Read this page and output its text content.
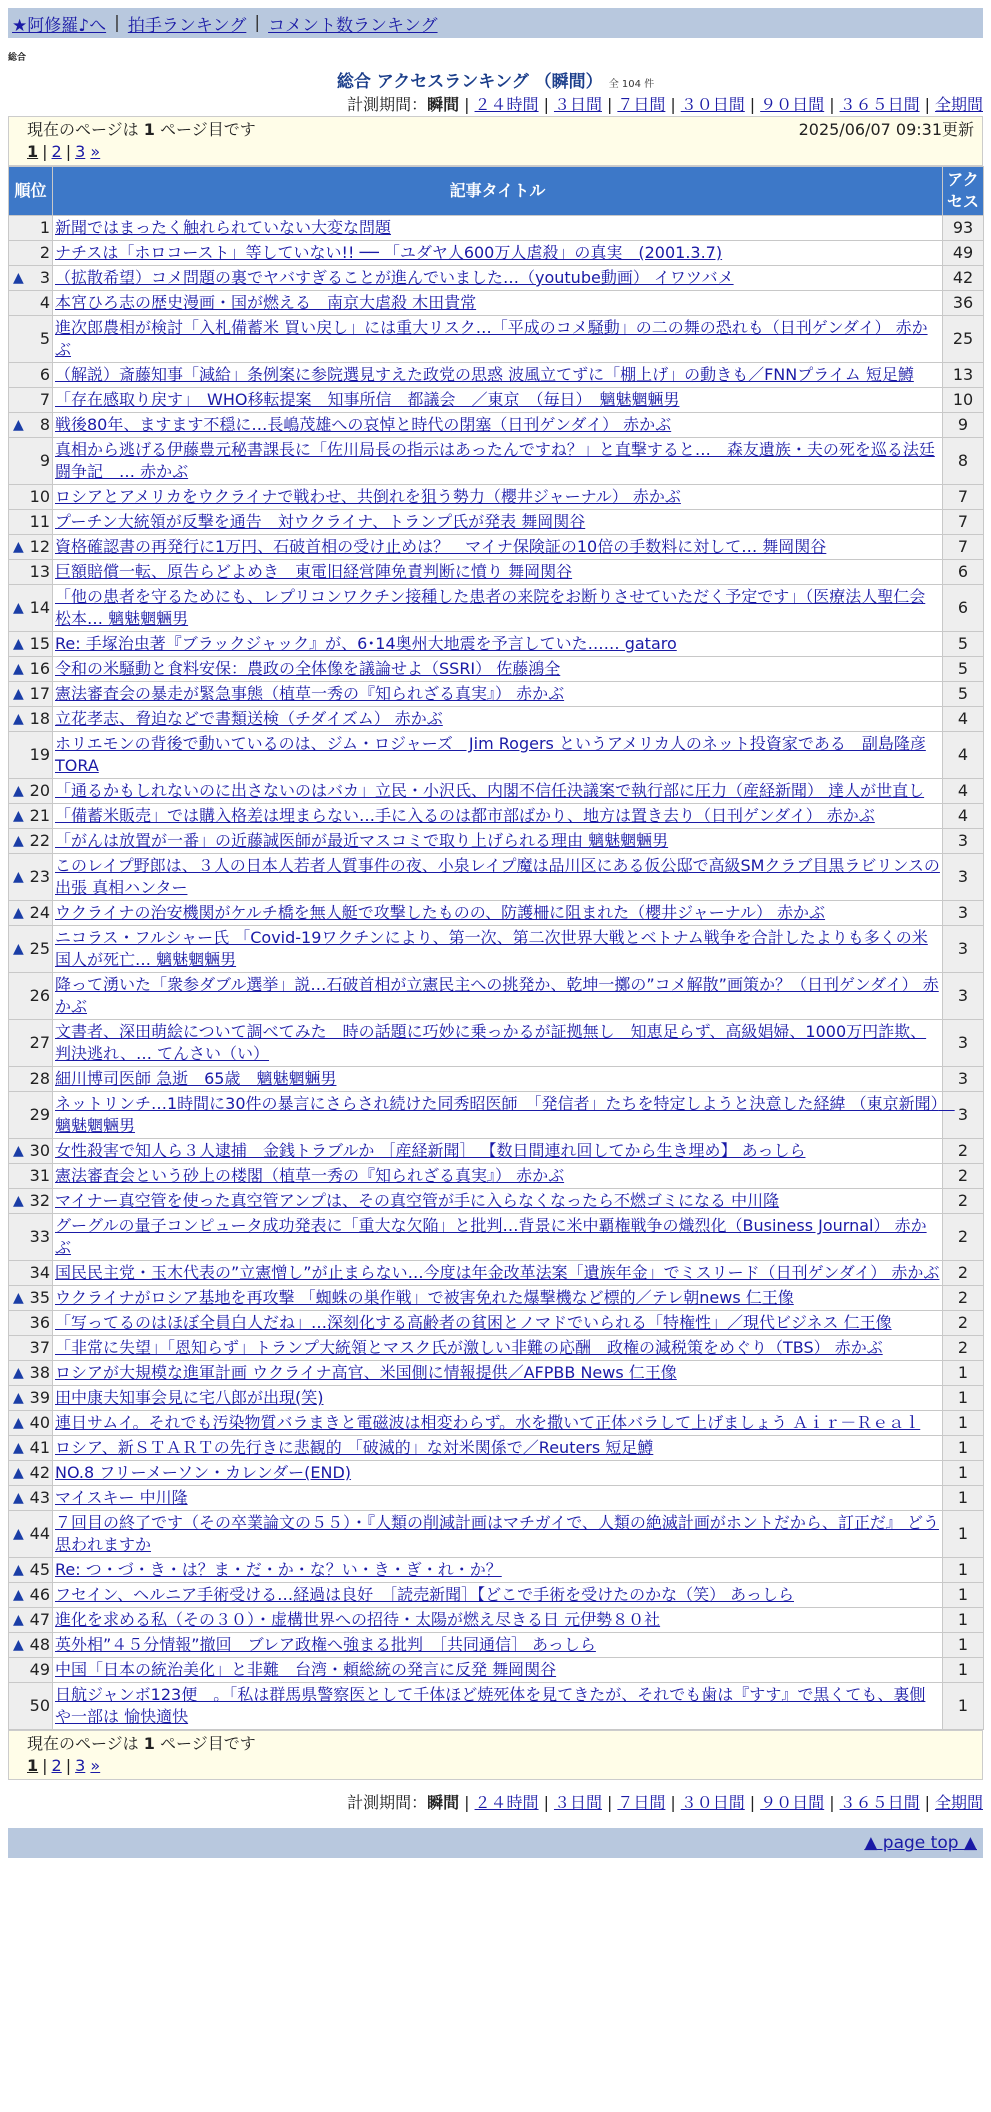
★阿修羅♪へ | 拍手ランキング | コメント数ランキング
総合
総合 アクセスランキング （瞬間） 全 104 件
計測期間：瞬間 | ２４時間 | ３日間 | ７日間 | ３０日間 | ９０日間 | ３６５日間 | 全期間
現在のページは 1 ページ目です	2025/06/07 09:31更新
1 | 2 | 3 »
順位	記事タイトル	アクセス
1	新聞ではまったく触れられていない大変な問題	93
2	ナチスは「ホロコースト」等していない!! ── 「ユダヤ人600万人虐殺」の真実　(2001.3.7)	49

▲ 3	（拡散希望）コメ問題の裏でヤバすぎることが進んでいました…（youtube動画） イワツバメ	42
4	本宮ひろ志の歴史漫画・国が燃える　南京大虐殺 木田貴常	36
5	進次郎農相が検討「入札備蓄米 買い戻し」には重大リスク…「平成のコメ騒動」の二の舞の恐れも（日刊ゲンダイ） 赤かぶ	25
6	（解説）斎藤知事「減給」条例案に参院選見すえた政党の思惑 波風立てずに「棚上げ」の動きも／FNNプライム 短足鱒	13
7	「存在感取り戻す」　WHO移転提案　知事所信　都議会　／東京　（毎日）　魑魅魍魎男	10

▲ 8	戦後80年、ますます不穏に…長嶋茂雄への哀悼と時代の閉塞（日刊ゲンダイ） 赤かぶ	9
9	真相から逃げる伊藤豊元秘書課長に「佐川局長の指示はあったんですね？」と直撃すると…　森友遺族・夫の死を巡る法廷闘争記　… 赤かぶ	8
10	ロシアとアメリカをウクライナで戦わせ、共倒れを狙う勢力（櫻井ジャーナル） 赤かぶ	7
11	プーチン大統領が反撃を通告　対ウクライナ、トランプ氏が発表 舞岡関谷	7

▲ 12	資格確認書の再発行に1万円、石破首相の受け止めは？　マイナ保険証の10倍の手数料に対して… 舞岡関谷	7
13	巨額賠償一転、原告らどよめき　東電旧経営陣免責判断に憤り 舞岡関谷	6

▲ 14	「他の患者を守るためにも、レプリコンワクチン接種した患者の来院をお断りさせていただく予定です」（医療法人聖仁会 松本… 魑魅魍魎男	6

▲ 15	Re: 手塚治虫著『ブラックジャック』が、6･14奥州大地震を予言していた…… gataro	5

▲ 16	令和の米騒動と食料安保：農政の全体像を議論せよ（SSRI） 佐藤鴻全	5

▲ 17	憲法審査会の暴走が緊急事態（植草一秀の『知られざる真実』） 赤かぶ	5

▲ 18	立花孝志、脅迫などで書類送検（チダイズム） 赤かぶ	4
19	ホリエモンの背後で動いているのは、ジム・ロジャーズ　Jim Rogers というアメリカ人のネット投資家である　副島隆彦 TORA	4

▲ 20	「通るかもしれないのに出さないのはバカ」立民・小沢氏、内閣不信任決議案で執行部に圧力（産経新聞） 達人が世直し	4

▲ 21	「備蓄米販売」では購入格差は埋まらない…手に入るのは都市部ばかり、地方は置き去り（日刊ゲンダイ） 赤かぶ	4

▲ 22	「がんは放置が一番」の近藤誠医師が最近マスコミで取り上げられる理由 魑魅魍魎男	3

▲ 23	このレイプ野郎は、３人の日本人若者人質事件の夜、小泉レイプ魔は品川区にある仮公邸で高級SMクラブ目黒ラビリンスの出張 真相ハンター	3

▲ 24	ウクライナの治安機関がケルチ橋を無人艇で攻撃したものの、防護柵に阻まれた（櫻井ジャーナル） 赤かぶ	3

▲ 25	ニコラス・フルシャー氏 「Covid-19ワクチンにより、第一次、第二次世界大戦とベトナム戦争を合計したよりも多くの米国人が死亡… 魑魅魍魎男	3
26	降って湧いた「衆参ダブル選挙」説…石破首相が立憲民主への挑発か、乾坤一擲の”コメ解散”画策か？（日刊ゲンダイ） 赤かぶ	3
27	文書者、深田萌絵について調べてみた　時の話題に巧妙に乗っかるが証拠無し　知恵足らず、高級娼婦、1000万円詐欺、判決逃れ、… てんさい（い）	3
28	細川博司医師 急逝　65歳　魑魅魍魎男	3
29	ネットリンチ…1時間に30件の暴言にさらされ続けた同秀昭医師　「発信者」たちを特定しようと決意した経緯 （東京新聞）　魑魅魍魎男	3

▲ 30	女性殺害で知人ら３人逮捕　金銭トラブルか ［産経新聞］ 【数日間連れ回してから生き埋め】 あっしら	2
31	憲法審査会という砂上の楼閣（植草一秀の『知られざる真実』） 赤かぶ	2

▲ 32	マイナー真空管を使った真空管アンプは、その真空管が手に入らなくなったら不燃ゴミになる 中川隆	2
33	グーグルの量子コンピュータ成功発表に「重大な欠陥」と批判…背景に米中覇権戦争の熾烈化（Business Journal） 赤かぶ	2
34	国民民主党・玉木代表の”立憲憎し”が止まらない…今度は年金改革法案「遺族年金」でミスリード（日刊ゲンダイ） 赤かぶ	2

▲ 35	ウクライナがロシア基地を再攻撃 「蜘蛛の巣作戦」で被害免れた爆撃機など標的／テレ朝news 仁王像	2
36	「写ってるのはほぼ全員白人だね」…深刻化する高齢者の貧困とノマドでいられる「特権性」／現代ビジネス 仁王像	2
37	「非常に失望」「恩知らず」トランプ大統領とマスク氏が激しい非難の応酬　政権の減税策をめぐり（TBS） 赤かぶ	2

▲ 38	ロシアが大規模な進軍計画 ウクライナ高官、米国側に情報提供／AFPBB News 仁王像	1

▲ 39	田中康夫知事会見に宅八郎が出現(笑)	1

▲ 40	連日サムイ。それでも汚染物質バラまきと電磁波は相変わらず。水を撒いて正体バラして上げましょう Ａｉｒ－Ｒｅａｌ	1

▲ 41	ロシア、新ＳＴＡＲＴの先行きに悲観的 「破滅的」な対米関係で／Reuters 短足鱒	1

▲ 42	NO.8 フリーメーソン・カレンダー(END)	1

▲ 43	マイスキー 中川隆	1

▲ 44	７回目の終了です（その卒業論文の５５）・『人類の削減計画はマチガイで、人類の絶滅計画がホントだから、訂正だ』 どう思われますか	1

▲ 45	Re: つ・づ・き・は？ま・だ・か・な？い・き・ぎ・れ・か？	1

▲ 46	フセイン、ヘルニア手術受ける…経過は良好　［読売新聞］【どこで手術を受けたのかな（笑） あっしら	1

▲ 47	進化を求める私（その３０）・虚構世界への招待・太陽が燃え尽きる日 元伊勢８０社	1

▲ 48	英外相”４５分情報”撤回　ブレア政権へ強まる批判　［共同通信］ あっしら	1
49	中国「日本の統治美化」と非難　台湾・頼総統の発言に反発 舞岡関谷	1
50	日航ジャンボ123便　。「私は群馬県警察医として千体ほど焼死体を見てきたが、それでも歯は『すす』で黒くても、裏側や一部は 愉快適快	1
現在のページは 1 ページ目です
1 | 2 | 3 »
計測期間：瞬間 | ２４時間 | ３日間 | ７日間 | ３０日間 | ９０日間 | ３６５日間 | 全期間
▲ page top ▲
